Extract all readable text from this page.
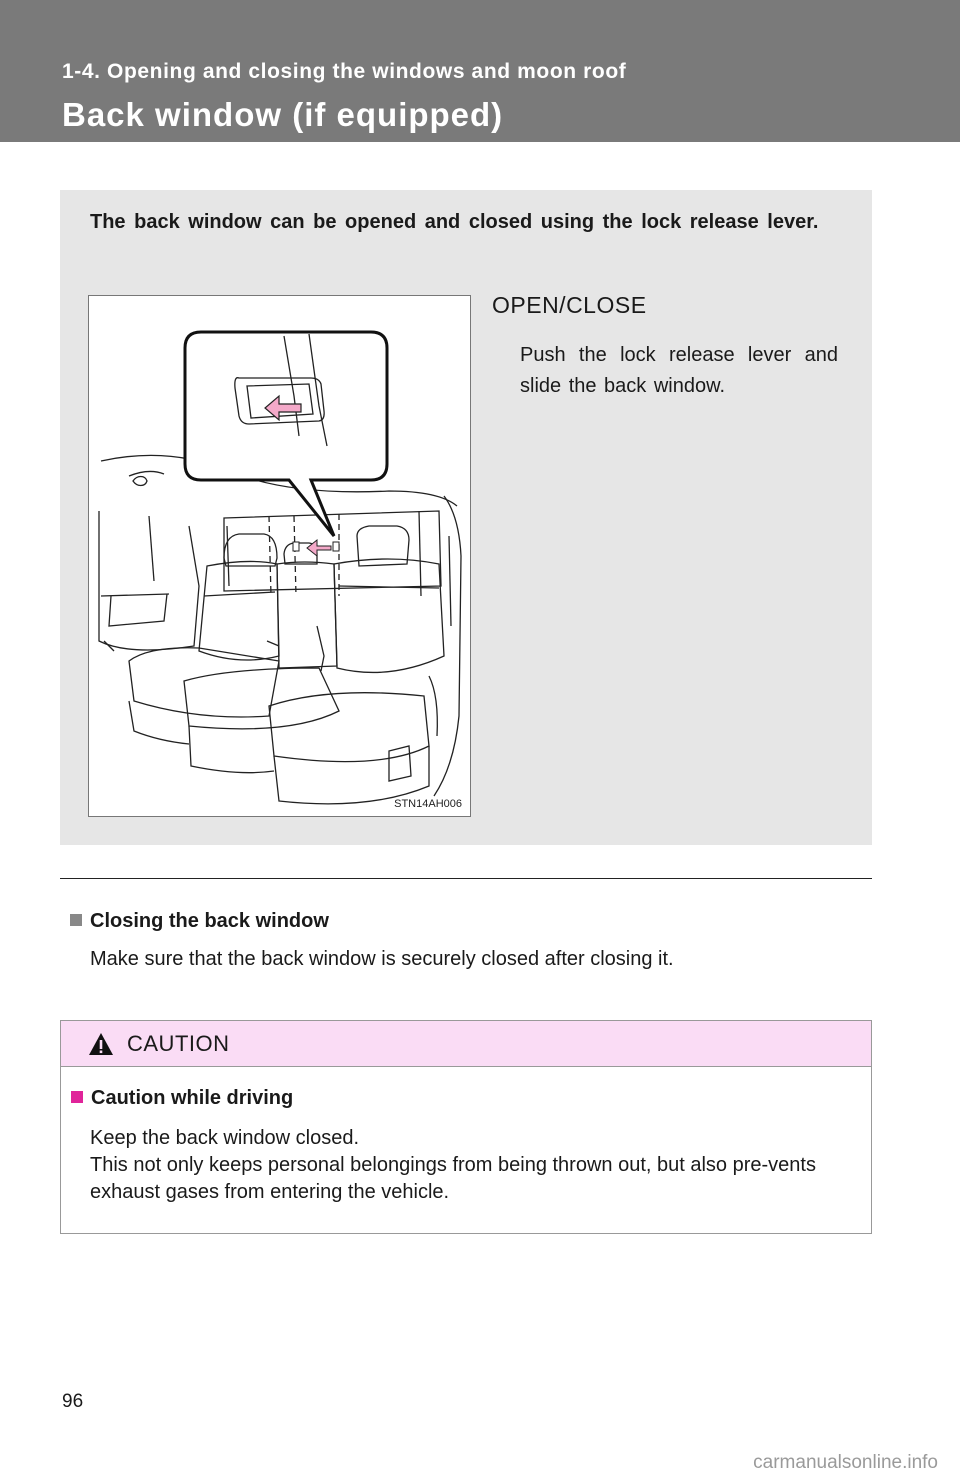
1-4. Opening and closing the windows and moon roof
Back window (if equipped)
The back window can be opened and closed using the lock release lever.
STN14AH006
OPEN/CLOSE
Push the lock release lever and slide the back window.
Closing the back window
Make sure that the back window is securely closed after closing it.
CAUTION
Caution while driving
Keep the back window closed.
This not only keeps personal belongings from being thrown out, but also pre-vents exhaust gases from entering the vehicle.
96
carmanualsonline.info
